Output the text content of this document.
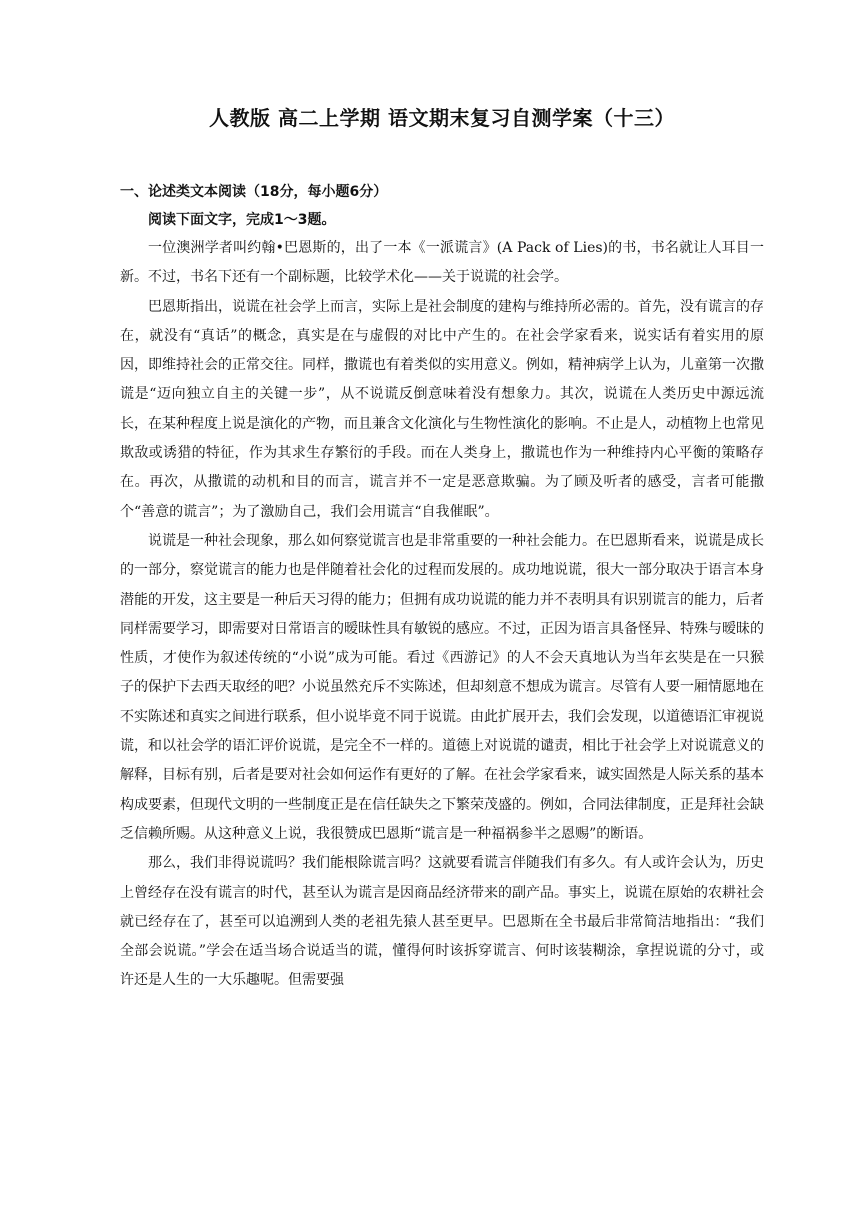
人教版 高二上学期 语文期末复习自测学案（十三）

一、论述类文本阅读（18分，每小题6分）

阅读下面文字，完成1～3题。

一位澳洲学者叫约翰•巴恩斯的，出了一本《一派谎言》(A Pack of Lies)的书，书名就让人耳目一新。不过，书名下还有一个副标题，比较学术化——关于说谎的社会学。

巴恩斯指出，说谎在社会学上而言，实际上是社会制度的建构与维持所必需的。首先，没有谎言的存在，就没有“真话”的概念，真实是在与虚假的对比中产生的。在社会学家看来，说实话有着实用的原因，即维持社会的正常交往。同样，撒谎也有着类似的实用意义。例如，精神病学上认为，儿童第一次撒谎是“迈向独立自主的关键一步”，从不说谎反倒意味着没有想象力。其次，说谎在人类历史中源远流长，在某种程度上说是演化的产物，而且兼含文化演化与生物性演化的影响。不止是人，动植物上也常见欺敌或诱猎的特征，作为其求生存繁衍的手段。而在人类身上，撒谎也作为一种维持内心平衡的策略存在。再次，从撒谎的动机和目的而言，谎言并不一定是恶意欺骗。为了顾及听者的感受，言者可能撒个“善意的谎言”；为了激励自己，我们会用谎言“自我催眠”。

说谎是一种社会现象，那么如何察觉谎言也是非常重要的一种社会能力。在巴恩斯看来，说谎是成长的一部分，察觉谎言的能力也是伴随着社会化的过程而发展的。成功地说谎，很大一部分取决于语言本身潜能的开发，这主要是一种后天习得的能力；但拥有成功说谎的能力并不表明具有识别谎言的能力，后者同样需要学习，即需要对日常语言的暧昧性具有敏锐的感应。不过，正因为语言具备怪异、特殊与暧昧的性质，才使作为叙述传统的“小说”成为可能。看过《西游记》的人不会天真地认为当年玄奘是在一只猴子的保护下去西天取经的吧？小说虽然充斥不实陈述，但却刻意不想成为谎言。尽管有人要一厢情愿地在不实陈述和真实之间进行联系，但小说毕竟不同于说谎。由此扩展开去，我们会发现，以道德语汇审视说谎，和以社会学的语汇评价说谎，是完全不一样的。道德上对说谎的谴责，相比于社会学上对说谎意义的解释，目标有别，后者是要对社会如何运作有更好的了解。在社会学家看来，诚实固然是人际关系的基本构成要素，但现代文明的一些制度正是在信任缺失之下繁荣茂盛的。例如，合同法律制度，正是拜社会缺乏信赖所赐。从这种意义上说，我很赞成巴恩斯“谎言是一种福祸参半之恩赐”的断语。

那么，我们非得说谎吗？我们能根除谎言吗？这就要看谎言伴随我们有多久。有人或许会认为，历史上曾经存在没有谎言的时代，甚至认为谎言是因商品经济带来的副产品。事实上，说谎在原始的农耕社会就已经存在了，甚至可以追溯到人类的老祖先猿人甚至更早。巴恩斯在全书最后非常简洁地指出：“我们全部会说谎。”学会在适当场合说适当的谎，懂得何时该拆穿谎言、何时该装糊涂，拿捏说谎的分寸，或许还是人生的一大乐趣呢。但需要强
